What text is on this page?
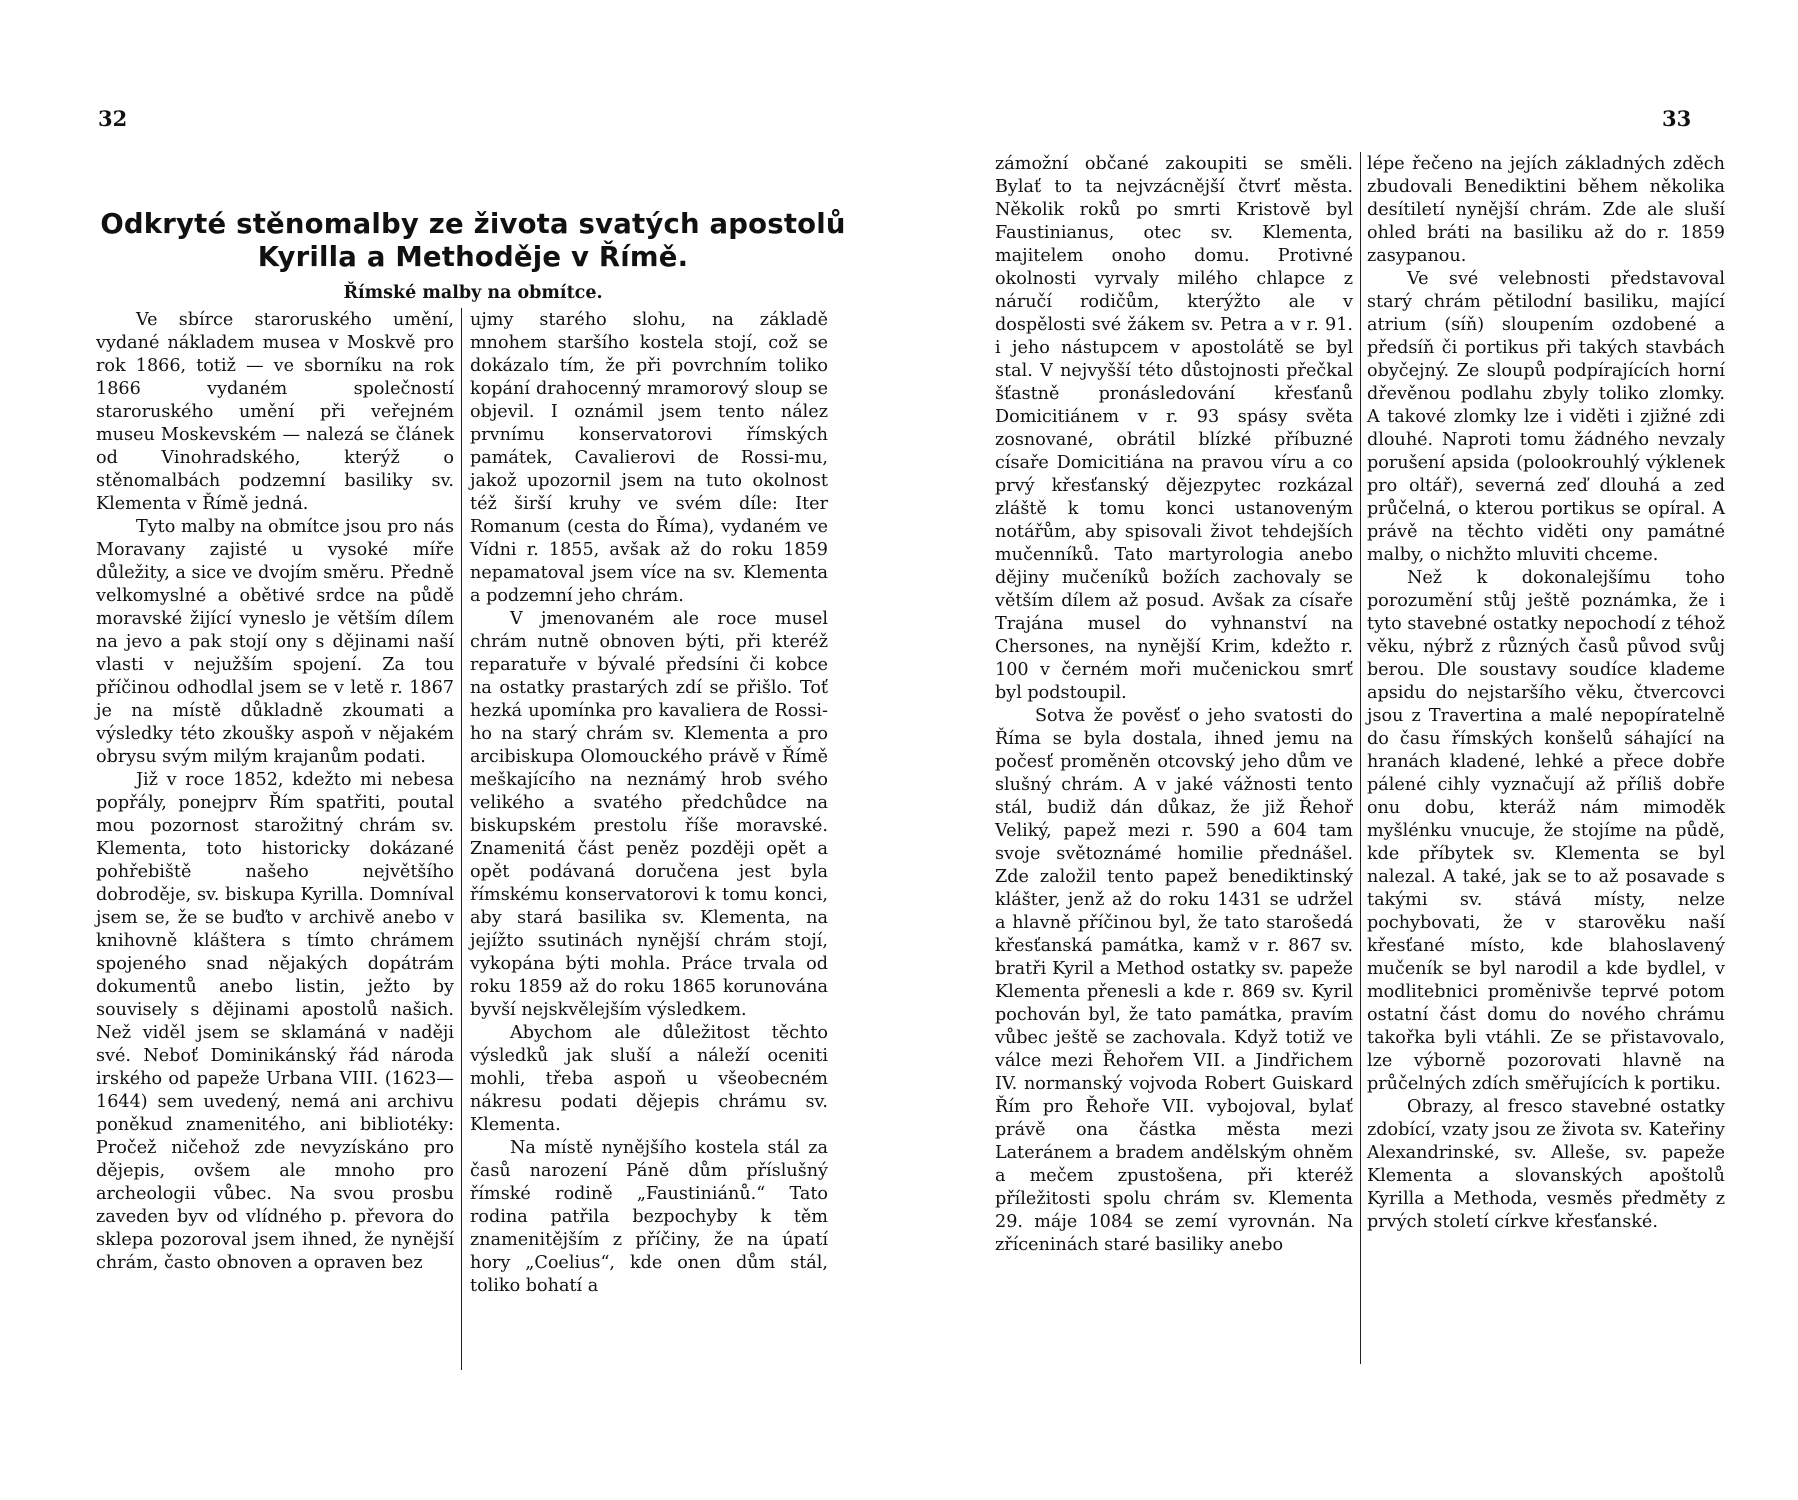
32
Odkryté stěnomalby ze života svatých apostolů
Kyrilla a Methoděje v Římě.
Římské malby na obmítce.

Ve sbírce staroruského umění, vydané nákladem musea v Moskvě pro rok 1866, totiž — ve sborníku na rok 1866 vydaném společností staroruského umění při veřejném museu Moskevském — nalezá se článek od Vinohradského, kterýž o stěnomalbách podzemní basiliky sv. Klementa v Římě jedná.

Tyto malby na obmítce jsou pro nás Moravany zajisté u vysoké míře důležity, a sice ve dvojím směru. Předně velkomyslné a obětivé srdce na půdě moravské žijící vyneslo je větším dílem na jevo a pak stojí ony s dějinami naší vlasti v nejužším spojení. Za tou příčinou odhodlal jsem se v letě r. 1867 je na místě důkladně zkoumati a výsledky této zkoušky aspoň v nějakém obrysu svým milým krajanům podati.

Již v roce 1852, kdežto mi nebesa popřály, ponejprv Řím spatřiti, poutal mou pozornost starožitný chrám sv. Klementa, toto historicky dokázané pohřebiště našeho největšího dobroděje, sv. biskupa Kyrilla. Domníval jsem se, že se buďto v archivě anebo v knihovně kláštera s tímto chrámem spojeného snad nějakých dopátrám dokumentů anebo listin, ježto by souvisely s dějinami apostolů našich. Než viděl jsem se sklamáná v naději své. Neboť Dominikánský řád národa irského od papeže Urbana VIII. (1623—1644) sem uvedený, nemá ani archivu poněkud znamenitého, ani bibliotéky: Pročež ničehož zde nevyzískáno pro dějepis, ovšem ale mnoho pro archeologii vůbec. Na svou prosbu zaveden byv od vlídného p. převora do sklepa pozoroval jsem ihned, že nynější chrám, často obnoven a opraven bez

ujmy starého slohu, na základě mnohem staršího kostela stojí, což se dokázalo tím, že při povrchním toliko kopání drahocenný mramorový sloup se objevil. I oznámil jsem tento nález prvnímu konservatorovi římských památek, Cavalierovi de Rossi-mu, jakož upozornil jsem na tuto okolnost též širší kruhy ve svém díle: Iter Romanum (cesta do Říma), vydaném ve Vídni r. 1855, avšak až do roku 1859 nepamatoval jsem více na sv. Klementa a podzemní jeho chrám.

V jmenovaném ale roce musel chrám nutně obnoven býti, při kteréž reparatuře v bývalé předsíni či kobce na ostatky prastarých zdí se přišlo. Toť hezká upomínka pro kavaliera de Rossi-ho na starý chrám sv. Klementa a pro arcibiskupa Olomouckého právě v Římě meškajícího na neznámý hrob svého velikého a svatého předchůdce na biskupském prestolu říše moravské. Znamenitá část peněz později opět a opět podávaná doručena jest byla římskému konservatorovi k tomu konci, aby stará basilika sv. Klementa, na jejížto ssutinách nynější chrám stojí, vykopána býti mohla. Práce trvala od roku 1859 až do roku 1865 korunována byvší nejskvělejším výsledkem.

Abychom ale důležitost těchto výsledků jak sluší a náleží oceniti mohli, třeba aspoň u všeobecném nákresu podati dějepis chrámu sv. Klementa.

Na místě nynějšího kostela stál za časů narození Páně dům příslušný římské rodině „Faustiniánů.“ Tato rodina patřila bezpochyby k těm znamenitějším z příčiny, že na úpatí hory „Coelius“, kde onen dům stál, toliko bohatí a

33

zámožní občané zakoupiti se směli. Bylať to ta nejvzácnější čtvrť města. Několik roků po smrti Kristově byl Faustinianus, otec sv. Klementa, majitelem onoho domu. Protivné okolnosti vyrvaly milého chlapce z náručí rodičům, kterýžto ale v dospělosti své žákem sv. Petra a v r. 91. i jeho nástupcem v apostolátě se byl stal. V nejvyšší této důstojnosti přečkal šťastně pronásledování křesťanů Domicitiánem v r. 93 spásy světa zosnované, obrátil blízké příbuzné císaře Domicitiána na pravou víru a co prvý křesťanský dějezpytec rozkázal zláště k tomu konci ustanoveným notářům, aby spisovali život tehdejších mučenníků. Tato martyrologia anebo dějiny mučeníků božích zachovaly se větším dílem až posud. Avšak za císaře Trajána musel do vyhnanství na Chersones, na nynější Krim, kdežto r. 100 v černém moři mučenickou smrť byl podstoupil.

Sotva že pověsť o jeho svatosti do Říma se byla dostala, ihned jemu na počesť proměněn otcovský jeho dům ve slušný chrám. A v jaké vážnosti tento stál, budiž dán důkaz, že již Řehoř Veliký, papež mezi r. 590 a 604 tam svoje světoznámé homilie přednášel. Zde založil tento papež benediktinský klášter, jenž až do roku 1431 se udržel a hlavně příčinou byl, že tato starošedá křesťanská památka, kamž v r. 867 sv. bratři Kyril a Method ostatky sv. papeže Klementa přenesli a kde r. 869 sv. Kyril pochován byl, že tato památka, pravím vůbec ještě se zachovala. Když totiž ve válce mezi Řehořem VII. a Jindřichem IV. normanský vojvoda Robert Guiskard Řím pro Řehoře VII. vybojoval, bylať právě ona částka města mezi Lateránem a bradem andělským ohněm a mečem zpustošena, při kteréž příležitosti spolu chrám sv. Klementa 29. máje 1084 se zemí vyrovnán. Na zříceninách staré basiliky anebo

lépe řečeno na jejích základných zděch zbudovali Benediktini během několika desítiletí nynější chrám. Zde ale sluší ohled bráti na basiliku až do r. 1859 zasypanou.

Ve své velebnosti představoval starý chrám pětilodní basiliku, mající atrium (síň) sloupením ozdobené a předsíň či portikus při takých stavbách obyčejný. Ze sloupů podpírajících horní dřevěnou podlahu zbyly toliko zlomky. A takové zlomky lze i viděti i zjižné zdi dlouhé. Naproti tomu žádného nevzaly porušení apsida (polookrouhlý výklenek pro oltář), severná zeď dlouhá a zed průčelná, o kterou portikus se opíral. A právě na těchto viděti ony památné malby, o nichžto mluviti chceme.

Než k dokonalejšímu toho porozumění stůj ještě poznámka, že i tyto stavebné ostatky nepochodí z téhož věku, nýbrž z různých časů původ svůj berou. Dle soustavy soudíce klademe apsidu do nejstaršího věku, čtvercovci jsou z Travertina a malé nepopíratelně do času římských konšelů sáhající na hranách kladené, lehké a přece dobře pálené cihly vyznačují až příliš dobře onu dobu, kteráž nám mimoděk myšlénku vnucuje, že stojíme na půdě, kde příbytek sv. Klementa se byl nalezal. A také, jak se to až posavade s takými sv. stává místy, nelze pochybovati, že v starověku naší křesťané místo, kde blahoslavený mučeník se byl narodil a kde bydlel, v modlitebnici proměnivše teprvé potom ostatní část domu do nového chrámu takořka byli vtáhli. Ze se přistavovalo, lze výborně pozorovati hlavně na průčelných zdích směřujících k portiku.

Obrazy, al fresco stavebné ostatky zdobící, vzaty jsou ze života sv. Kateřiny Alexandrinské, sv. Alleše, sv. papeže Klementa a slovanských apoštolů Kyrilla a Methoda, vesměs předměty z prvých století církve křesťanské.
